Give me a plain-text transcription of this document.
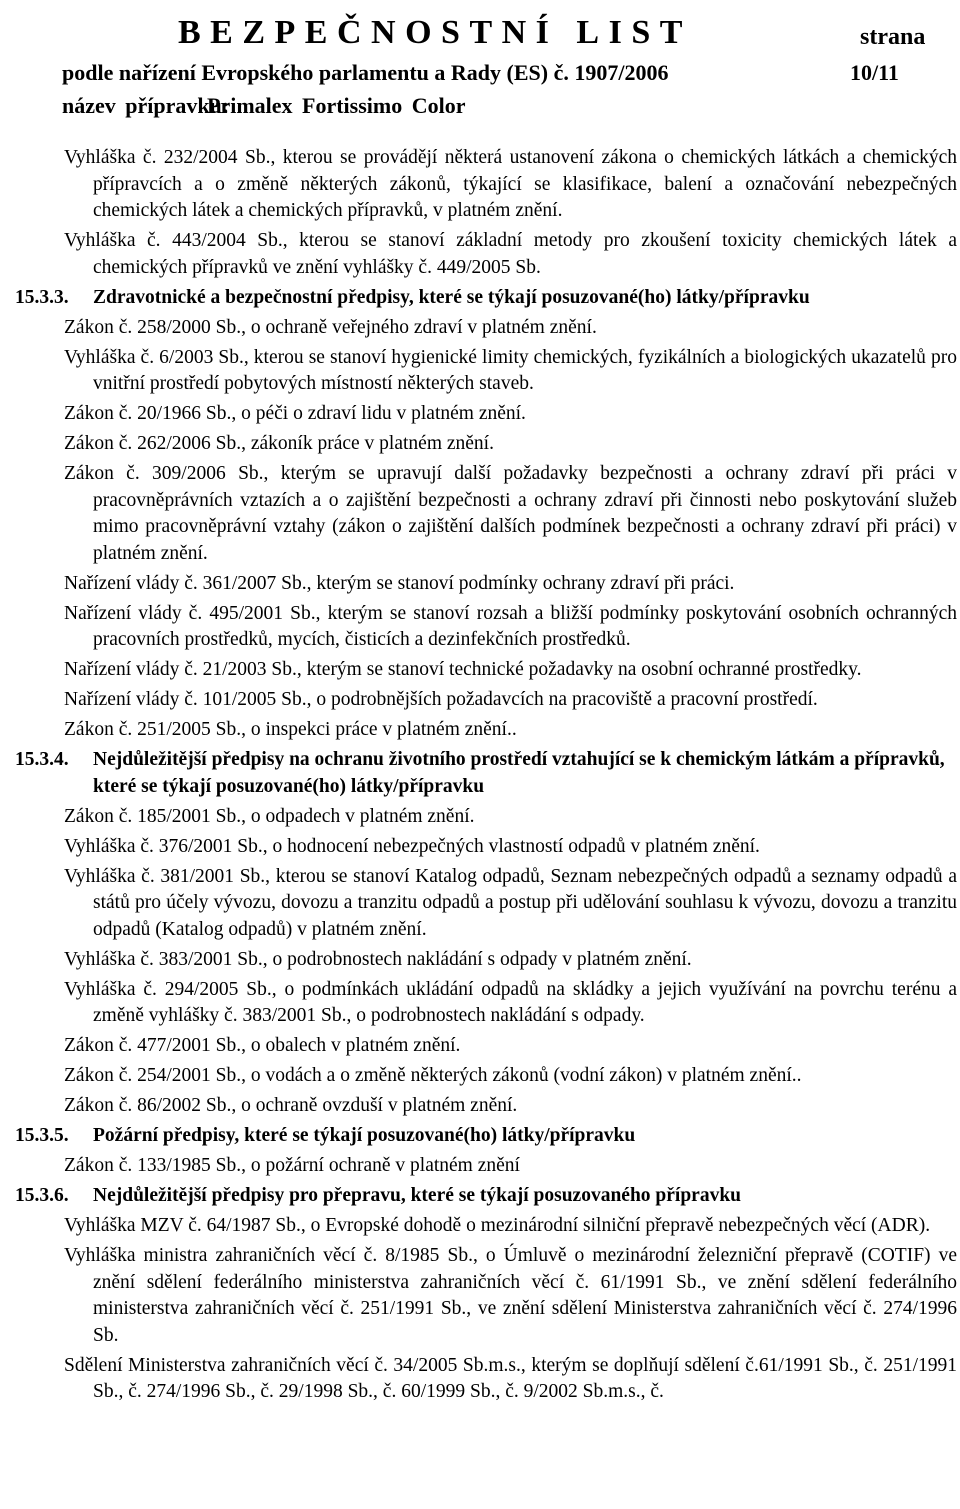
BEZPEČNOSTNÍ LIST	strana
podle nařízení Evropského parlamentu a Rady (ES) č. 1907/2006	10/11
název přípravku:Primalex Fortissimo Color
Vyhláška č. 232/2004 Sb., kterou se provádějí některá ustanovení zákona o chemických látkách a chemických přípravcích a o změně některých zákonů, týkající se klasifikace, balení a označování nebezpečných chemických látek a chemických přípravků, v platném znění.
Vyhláška č. 443/2004 Sb., kterou se stanoví základní metody pro zkoušení toxicity chemických látek a chemických přípravků ve znění vyhlášky č. 449/2005 Sb.
15.3.3. Zdravotnické a bezpečnostní předpisy, které se týkají posuzované(ho) látky/přípravku
Zákon č. 258/2000 Sb., o ochraně veřejného zdraví v platném znění.
Vyhláška č. 6/2003 Sb., kterou se stanoví hygienické limity chemických, fyzikálních a biologických ukazatelů pro vnitřní prostředí pobytových místností některých staveb.
Zákon č. 20/1966 Sb., o péči o zdraví lidu v platném znění.
Zákon č. 262/2006 Sb., zákoník práce v platném znění.
Zákon č. 309/2006 Sb., kterým se upravují další požadavky bezpečnosti a ochrany zdraví při práci v pracovněprávních vztazích a o zajištění bezpečnosti a ochrany zdraví při činnosti nebo poskytování služeb mimo pracovněprávní vztahy (zákon o zajištění dalších podmínek bezpečnosti a ochrany zdraví při práci) v platném znění.
Nařízení vlády č. 361/2007 Sb., kterým se stanoví podmínky ochrany zdraví při práci.
Nařízení vlády č. 495/2001 Sb., kterým se stanoví rozsah a bližší podmínky poskytování osobních ochranných pracovních prostředků, mycích, čisticích a dezinfekčních prostředků.
Nařízení vlády č. 21/2003 Sb., kterým se stanoví technické požadavky na osobní ochranné prostředky.
Nařízení vlády č. 101/2005 Sb., o podrobnějších požadavcích na pracoviště a pracovní prostředí.
Zákon č. 251/2005 Sb., o inspekci práce v platném znění..
15.3.4. Nejdůležitější předpisy na ochranu životního prostředí vztahující se k chemickým látkám a přípravků, které se týkají posuzované(ho) látky/přípravku
Zákon č. 185/2001 Sb., o odpadech v platném znění.
Vyhláška č. 376/2001 Sb., o hodnocení nebezpečných vlastností odpadů v platném znění.
Vyhláška č. 381/2001 Sb., kterou se stanoví Katalog odpadů, Seznam nebezpečných odpadů a seznamy odpadů a států pro účely vývozu, dovozu a tranzitu odpadů a postup při udělování souhlasu k vývozu, dovozu a tranzitu odpadů (Katalog odpadů) v platném znění.
Vyhláška č. 383/2001 Sb., o podrobnostech nakládání s odpady v platném znění.
Vyhláška č. 294/2005 Sb., o podmínkách ukládání odpadů na skládky a jejich využívání na povrchu terénu a změně vyhlášky č. 383/2001 Sb., o podrobnostech nakládání s odpady.
Zákon č. 477/2001 Sb., o obalech v platném znění.
Zákon č. 254/2001 Sb., o vodách a o změně některých zákonů (vodní zákon) v platném znění..
Zákon č. 86/2002 Sb., o ochraně ovzduší v platném znění.
15.3.5. Požární předpisy, které se týkají posuzované(ho) látky/přípravku
Zákon č. 133/1985 Sb., o požární ochraně v platném znění
15.3.6. Nejdůležitější předpisy pro přepravu, které se týkají posuzovaného přípravku
Vyhláška MZV č. 64/1987 Sb., o Evropské dohodě o mezinárodní silniční přepravě nebezpečných věcí (ADR).
Vyhláška ministra zahraničních věcí č. 8/1985 Sb., o Úmluvě o mezinárodní železniční přepravě (COTIF) ve znění sdělení federálního ministerstva zahraničních věcí č. 61/1991 Sb., ve znění sdělení federálního ministerstva zahraničních věcí č. 251/1991 Sb., ve znění sdělení Ministerstva zahraničních věcí č. 274/1996 Sb.
Sdělení Ministerstva zahraničních věcí č. 34/2005 Sb.m.s., kterým se doplňují sdělení č.61/1991 Sb., č. 251/1991 Sb., č. 274/1996 Sb., č. 29/1998 Sb., č. 60/1999 Sb., č. 9/2002 Sb.m.s., č.
